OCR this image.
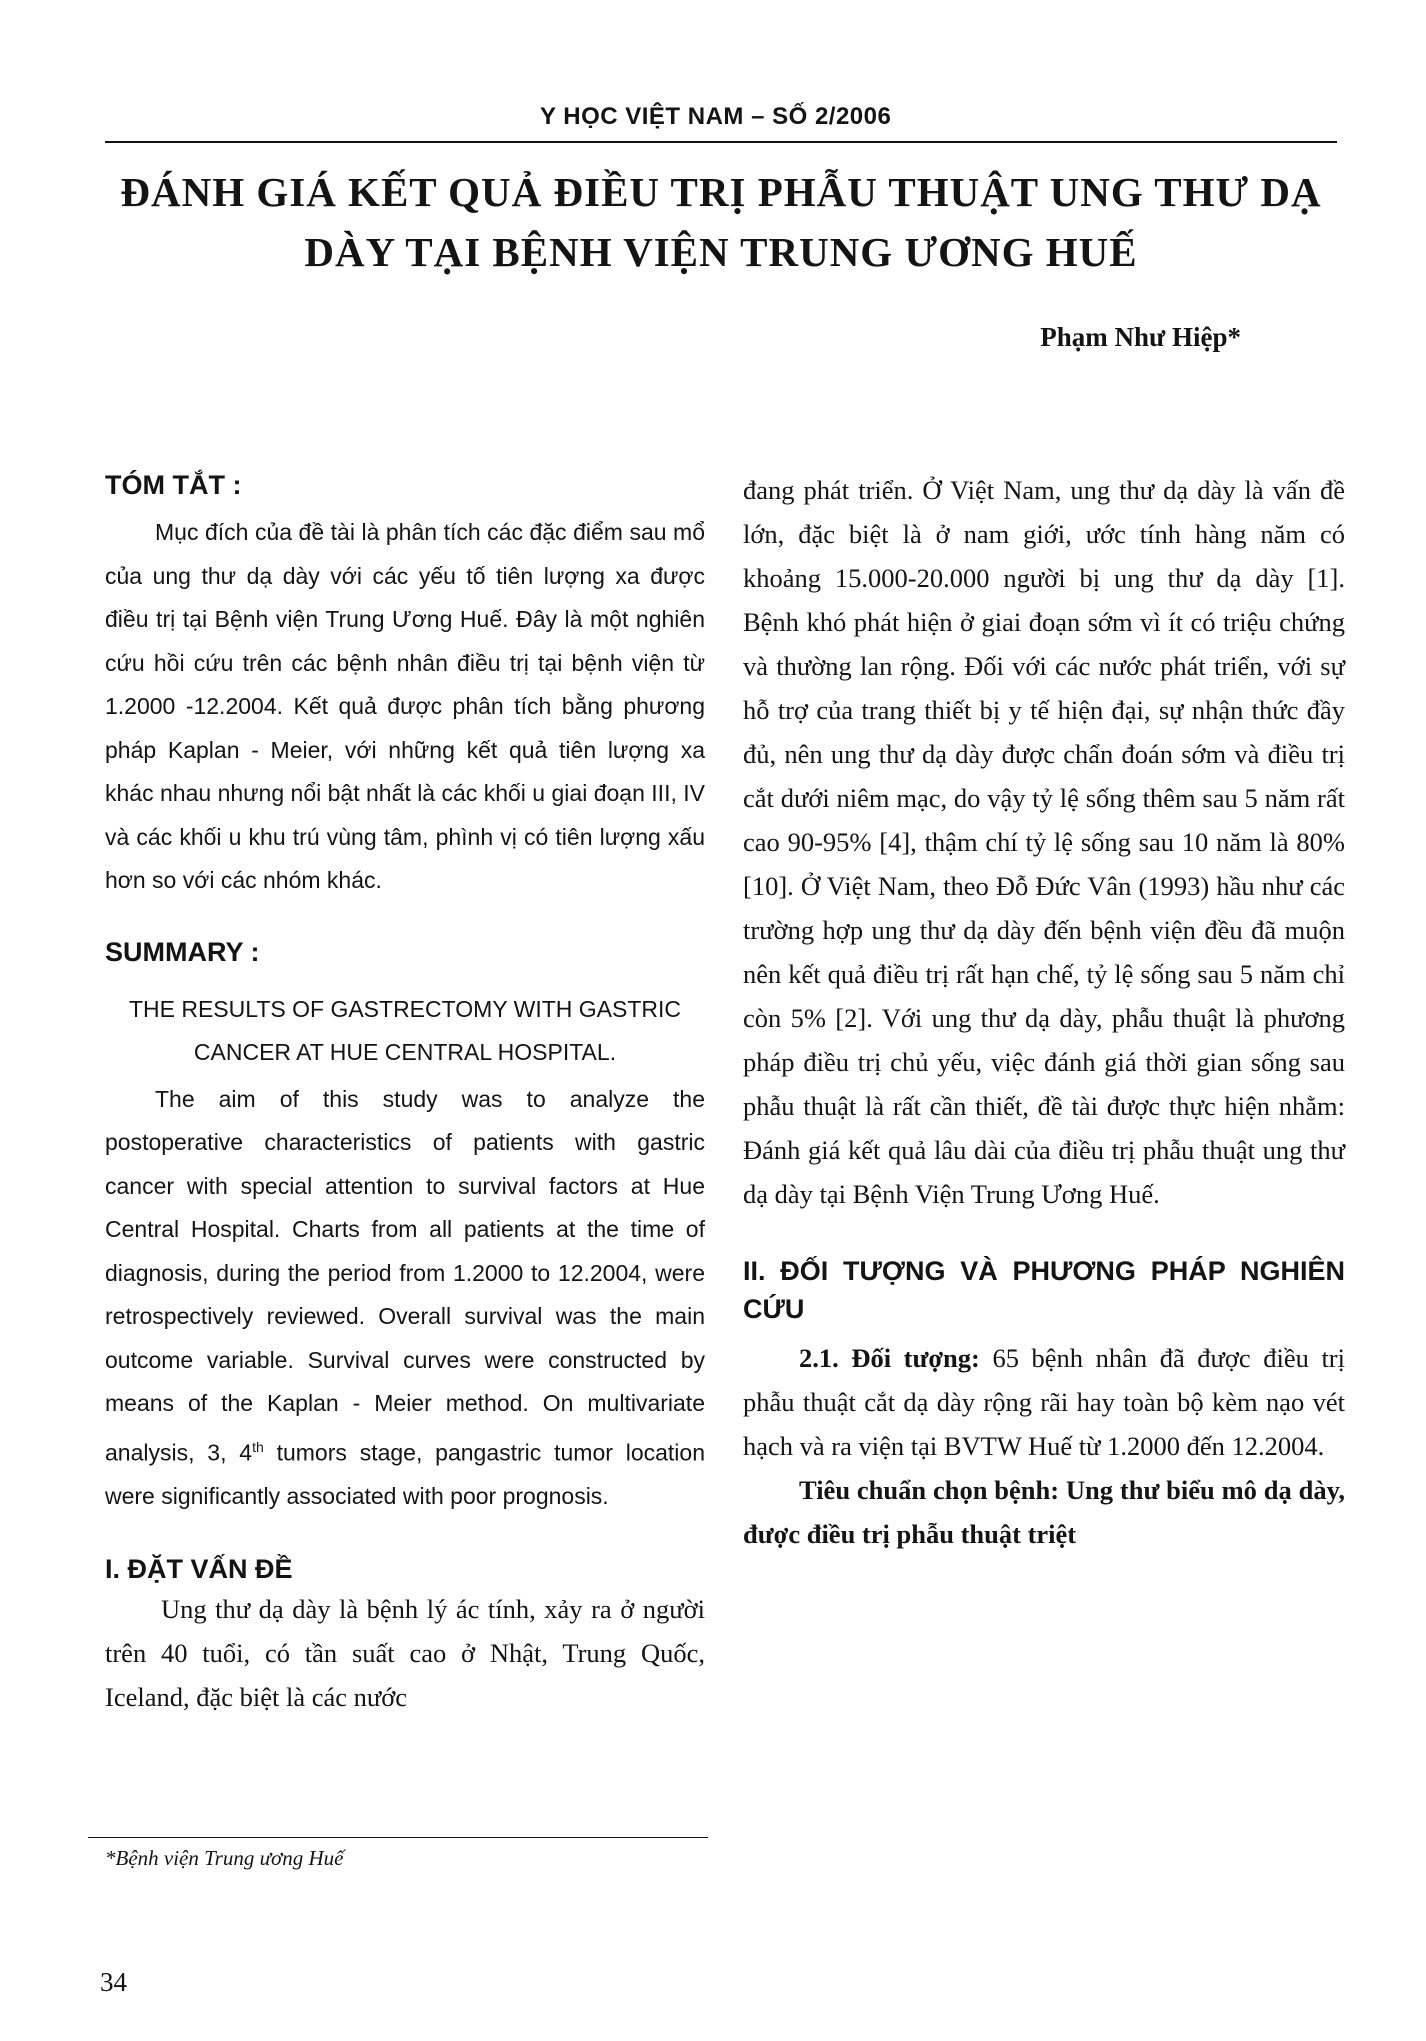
Y HỌC VIỆT NAM – SỐ 2/2006
ĐÁNH GIÁ KẾT QUẢ ĐIỀU TRỊ PHẪU THUẬT UNG THƯ DẠ
DÀY TẠI BỆNH VIỆN TRUNG ƯƠNG HUẾ

Phạm Như Hiệp*

TÓM TẮT :

Mục đích của đề tài là phân tích các đặc điểm sau mổ của ung thư dạ dày với các yếu tố tiên lượng xa được điều trị tại Bệnh viện Trung Ương Huế. Đây là một nghiên cứu hồi cứu trên các bệnh nhân điều trị tại bệnh viện từ 1.2000 -12.2004. Kết quả được phân tích bằng phương pháp Kaplan - Meier, với những kết quả tiên lượng xa khác nhau nhưng nổi bật nhất là các khối u giai đoạn III, IV và các khối u khu trú vùng tâm, phình vị có tiên lượng xấu hơn so với các nhóm khác.

SUMMARY :

THE RESULTS OF GASTRECTOMY WITH GASTRIC
CANCER AT HUE CENTRAL HOSPITAL.

The aim of this study was to analyze the postoperative characteristics of patients with gastric cancer with special attention to survival factors at Hue Central Hospital. Charts from all patients at the time of diagnosis, during the period from 1.2000 to 12.2004, were retrospectively reviewed. Overall survival was the main outcome variable. Survival curves were constructed by means of the Kaplan - Meier method. On multivariate analysis, 3, 4th tumors stage, pangastric tumor location were significantly associated with poor prognosis.

I. ĐẶT VẤN ĐỀ

Ung thư dạ dày là bệnh lý ác tính, xảy ra ở người trên 40 tuổi, có tần suất cao ở Nhật, Trung Quốc, Iceland, đặc biệt là các nước

đang phát triển. Ở Việt Nam, ung thư dạ dày là vấn đề lớn, đặc biệt là ở nam giới, ước tính hàng năm có khoảng 15.000-20.000 người bị ung thư dạ dày [1]. Bệnh khó phát hiện ở giai đoạn sớm vì ít có triệu chứng và thường lan rộng. Đối với các nước phát triển, với sự hỗ trợ của trang thiết bị y tế hiện đại, sự nhận thức đầy đủ, nên ung thư dạ dày được chẩn đoán sớm và điều trị cắt dưới niêm mạc, do vậy tỷ lệ sống thêm sau 5 năm rất cao 90-95% [4], thậm chí tỷ lệ sống sau 10 năm là 80%[10]. Ở Việt Nam, theo Đỗ Đức Vân (1993) hầu như các trường hợp ung thư dạ dày đến bệnh viện đều đã muộn nên kết quả điều trị rất hạn chế, tỷ lệ sống sau 5 năm chỉ còn 5% [2]. Với ung thư dạ dày, phẫu thuật là phương pháp điều trị chủ yếu, việc đánh giá thời gian sống sau phẫu thuật là rất cần thiết, đề tài được thực hiện nhằm: Đánh giá kết quả lâu dài của điều trị phẫu thuật ung thư dạ dày tại Bệnh Viện Trung Ương Huế.

II. ĐỐI TƯỢNG VÀ PHƯƠNG PHÁP NGHIÊN CỨU

2.1. Đối tượng: 65 bệnh nhân đã được điều trị phẫu thuật cắt dạ dày rộng rãi hay toàn bộ kèm nạo vét hạch và ra viện tại BVTW Huế từ 1.2000 đến 12.2004.

Tiêu chuẩn chọn bệnh: Ung thư biểu mô dạ dày, được điều trị phẫu thuật triệt

*Bệnh viện Trung ương Huế

34
